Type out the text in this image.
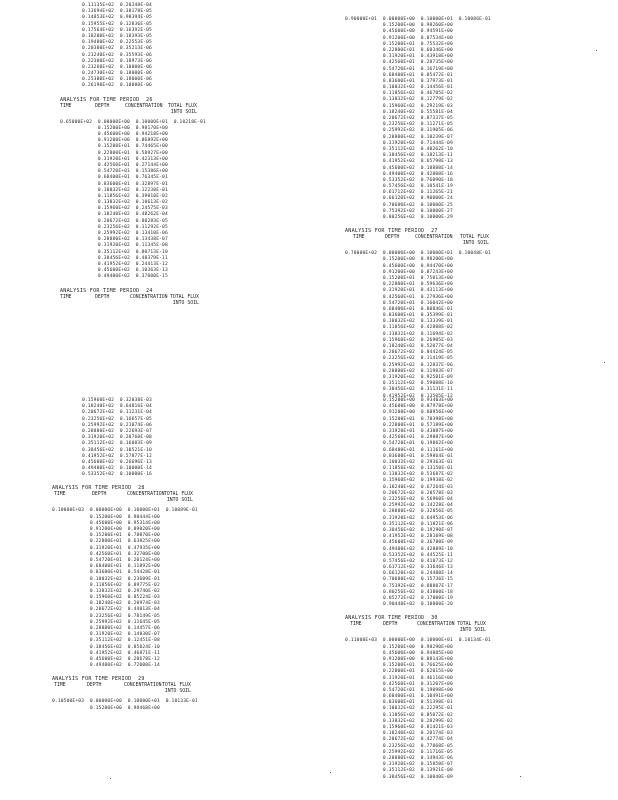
0.11135E+02  0.20348E-04
0.13694E+02  0.38178E-05
0.14853E+02  0.98394E-05
0.15955E+02  0.12836E-05
0.17564E+02  0.16392E-05
0.18200E+02  0.10393E-05
0.19400E+02  0.22553E-05
0.20300E+02  0.35213E-06
0.21240E+02  0.35593E-06
0.22300E+02  0.18973E-06
0.23260E+02  0.10000E-06
0.24730E+02  0.18000E-06
0.25300E+02  0.18000E-06
0.26190E+02  0.10000E-06
ANALYSIS FOR TIME PERIOD  26
TIME	DEPTH	CONCENTRATION TOTAL FLUX
INTO SOIL
0.65000E+02  0.00000E+00  0.10000E+01  0.10218E-01
0.15200E+00  0.98170E+00
0.45600E+00  0.94218E+00
0.91200E+00  0.86892E+00
0.15200E+01  0.74465E+00
0.22800E+01  0.58927E+00
0.31920E+01  0.42313E+00
0.42560E+01  0.27144E+00
0.54720E+01  0.15386E+00
0.68400E+01  0.76345E-01
0.83600E+01  0.32897E-01
0.10032E+02  0.12238E-01
0.11856E+02  0.39010E-02
0.13832E+02  0.10613E-02
0.15960E+02  0.24575E-03
0.18240E+02  0.48262E-04
0.20672E+02  0.80283E-05
0.23256E+02  0.11292E-05
0.25992E+02  0.13410E-06
0.28880E+02  0.13438E-07
0.31920E+02  0.11345E-08
0.35112E+02  0.80713E-10
0.38456E+02  0.48379E-11
0.41952E+02  0.24413E-12
0.45600E+02  0.10363E-13
0.49400E+02  0.37000E-15
ANALYSIS FOR TIME PERIOD  24
TIME	DEPTH	CONCENTRATION TOTAL FLUX
INTO SOIL
0.90000E+01  0.00000E+00  0.10000E+01  0.10086E-01
0.15200E+00  0.98260E+00
0.45600E+00  0.94591E+00
0.91200E+00  0.87534E+00
0.15200E+01  0.75532E+00
0.22800E+01  0.60346E+00
0.31920E+01  0.43918E+00
0.42560E+01  0.28735E+00
0.54720E+01  0.16719E+00
0.68400E+01  0.85472E-01
0.83600E+01  0.37973E-01
0.10032E+02  0.14456E-01
0.11856E+02  0.46785E-02
0.13832E+02  0.12779E-02
0.15960E+02  0.29219E-03
0.18240E+02  0.55581E-04
0.20672E+02  0.87337E-05
0.23256E+02  0.11271E-05
0.25992E+02  0.11905E-06
0.28880E+02  0.10239E-07
0.31920E+02  0.71444E-09
0.35112E+02  0.40262E-10
0.38456E+02  0.18213E-11
0.41952E+02  0.65798E-13
0.45600E+02  0.18888E-14
0.49400E+02  0.42808E-16
0.53352E+02  0.76090E-18
0.57456E+02  0.10541E-19
0.61712E+02  0.11265E-21
0.66120E+02  0.90000E-24
0.70680E+02  0.10000E-25
0.75392E+02  0.10000E-27
0.80256E+02  0.10000E-29
ANALYSIS FOR TIME PERIOD  27
TIME	DEPTH	CONCENTRATION TOTAL FLUX
INTO SOIL
0.70000E+02  0.00000E+00  0.10000E+01  0.10048E-01
0.15200E+00  0.98200E+00
0.45600E+00  0.94470E+00
0.91200E+00  0.87243E+00
0.15200E+01  0.75013E+00
0.22800E+01  0.59636E+00
0.31920E+01  0.43113E+00
0.42560E+01  0.27936E+00
0.54720E+01  0.16042E+00
0.68400E+01  0.80846E-01
0.83600E+01  0.35399E-01
0.10032E+02  0.13339E-01
0.11856E+02  0.42888E-02
0.13832E+02  0.11694E-02
0.15960E+02  0.26905E-03
0.18240E+02  0.52077E-04
0.20672E+02  0.84424E-05
0.23256E+02  0.11419E-05
0.25992E+02  0.12837E-06
0.28880E+02  0.11983E-07
0.31920E+02  0.92581E-09
0.35112E+02  0.59088E-10
0.38456E+02  0.31131E-11
0.41952E+02  0.13505E-12
0.15960E+02  0.32038E-03
0.18240E+02  0.64816E-04
0.20672E+02  0.11231E-04
0.23256E+02  0.16657E-05
0.25992E+02  0.21074E-06
0.28880E+02  0.22693E-07
0.31920E+02  0.20760E-08
0.35112E+02  0.16083E-09
0.38456E+02  0.10521E-10
0.41952E+02  0.57877E-12
0.45600E+02  0.26696E-13
0.49400E+02  0.10000E-14
0.53352E+02  0.10000E-16
ANALYSIS FOR TIME PERIOD  28
TIME	DEPTH	CONCENTRATION TOTAL FLUX
INTO SOIL
0.10000E+03  0.00000E+00  0.10000E+01  0.10089E-01
0.15200E+00  0.98444E+00
0.45600E+00  0.95314E+00
0.91200E+00  0.89020E+00
0.15200E+01  0.78070E+00
0.22800E+01  0.63825E+00
0.31920E+01  0.47935E+00
0.42560E+01  0.32700E+00
0.54720E+01  0.20124E+00
0.68400E+01  0.11092E+00
0.83600E+01  0.54428E-01
0.10032E+02  0.23609E-01
0.11856E+02  0.89775E-02
0.13832E+02  0.29740E-02
0.15960E+02  0.85224E-03
0.18240E+02  0.20974E-03
0.20672E+02  0.44013E-04
0.23256E+02  0.78149E-05
0.25992E+02  0.11645E-05
0.28880E+02  0.14457E-06
0.31920E+02  0.14830E-07
0.35112E+02  0.12451E-08
0.38456E+02  0.85024E-10
0.41952E+02  0.46871E-11
0.45600E+02  0.20678E-12
0.49400E+02  0.72000E-14
ANALYSIS FOR TIME PERIOD  29
TIME	DEPTH	CONCENTRATION TOTAL FLUX
INTO SOIL
0.10500E+03  0.00000E+00  0.10000E+01  0.10133E-01
0.15200E+00  0.98468E+00
0.15200E+00  0.93403E+00
0.45600E+00  0.87978E+00
0.91200E+00  0.80956E+00
0.15200E+01  0.70398E+00
0.22800E+01  0.57189E+00
0.31920E+01  0.43087E+00
0.42560E+01  0.29887E+00
0.54720E+01  0.19062E+00
0.68400E+01  0.11161E+00
0.83600E+01  0.59864E-01
0.10032E+02  0.29363E-01
0.11856E+02  0.13150E-01
0.13832E+02  0.53687E-02
0.15960E+02  0.19938E-02
0.18240E+02  0.67264E-03
0.20672E+02  0.20578E-03
0.23256E+02  0.56960E-04
0.25992E+02  0.14228E-04
0.28880E+02  0.32056E-05
0.31920E+02  0.64953E-06
0.35112E+02  0.11821E-06
0.38456E+02  0.19290E-07
0.41952E+02  0.28169E-08
0.45600E+02  0.36780E-09
0.49400E+02  0.42889E-10
0.53352E+02  0.44525E-11
0.57456E+02  0.41073E-12
0.61712E+02  0.33646E-13
0.66120E+02  0.24480E-14
0.70680E+02  0.15736E-15
0.75392E+02  0.88807E-17
0.80256E+02  0.43000E-18
0.85272E+02  0.17000E-19
0.90440E+02  0.10000E-20
ANALYSIS FOR TIME PERIOD  30
TIME	DEPTH	CONCENTRATION TOTAL FLUX
INTO SOIL
0.11000E+03  0.00000E+00  0.10000E+01  0.10134E-01
0.15200E+00  0.98290E+00
0.45600E+00  0.94885E+00
0.91200E+00  0.88143E+00
0.15200E+01  0.76625E+00
0.22800E+01  0.62015E+00
0.31920E+01  0.46116E+00
0.42560E+01  0.31207E+00
0.54720E+01  0.19098E+00
0.68400E+01  0.10491E+00
0.83600E+01  0.51398E-01
0.10032E+02  0.22295E-01
0.11856E+02  0.85072E-02
0.13832E+02  0.28299E-02
0.15960E+02  0.81421E-03
0.18240E+02  0.20174E-03
0.20672E+02  0.42774E-04
0.23256E+02  0.77068E-05
0.25992E+02  0.11716E-05
0.28880E+02  0.14943E-06
0.31920E+02  0.15858E-07
0.35112E+02  0.13921E-08
0.38456E+02  0.10040E-09
